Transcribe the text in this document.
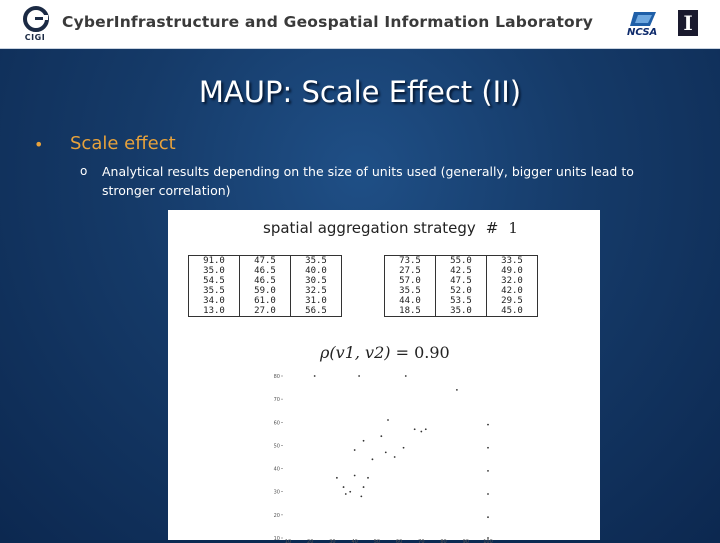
CIGI
CyberInfrastructure and Geospatial Information Laboratory
NCSA I
MAUP: Scale Effect (II)
• Scale effect
o Analytical results depending on the size of units used (generally, bigger units lead to stronger correlation)
spatial aggregation strategy # 1
91.0	47.5	35.5
35.0	46.5	40.0
54.5	46.5	30.5
35.5	59.0	32.5
34.0	61.0	31.0
13.0	27.0	56.5
73.5	55.0	33.5
27.5	42.5	49.0
57.0	47.5	32.0
35.5	52.0	42.0
44.0	53.5	29.5
18.5	35.0	45.0
ρ(v1, v2) = 0.90
10
20
30
40
50
60
70
80
10	20	30	40	50	60	70	80	90	100
